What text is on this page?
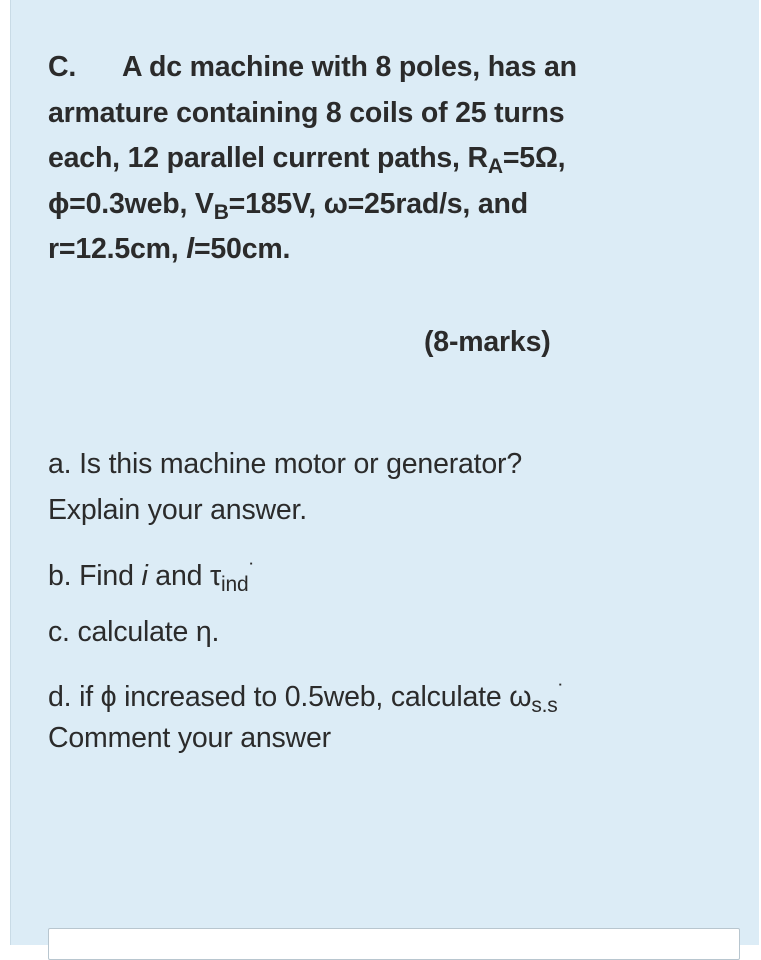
C. A dc machine with 8 poles, has an
armature containing 8 coils of 25 turns
each, 12 parallel current paths, $R_A=5\Omega$,
ϕ=0.3web, $V_B=185V$, ω=25rad/s, and
r=12.5cm, l=50cm.
(8-marks)
a. Is this machine motor or generator?
Explain your answer.
b. Find i and $\tau_{ind}^˙$
c. calculate η.
d. if ϕ increased to 0.5web, calculate $\omega_{s.s}^˙$
Comment your answer
